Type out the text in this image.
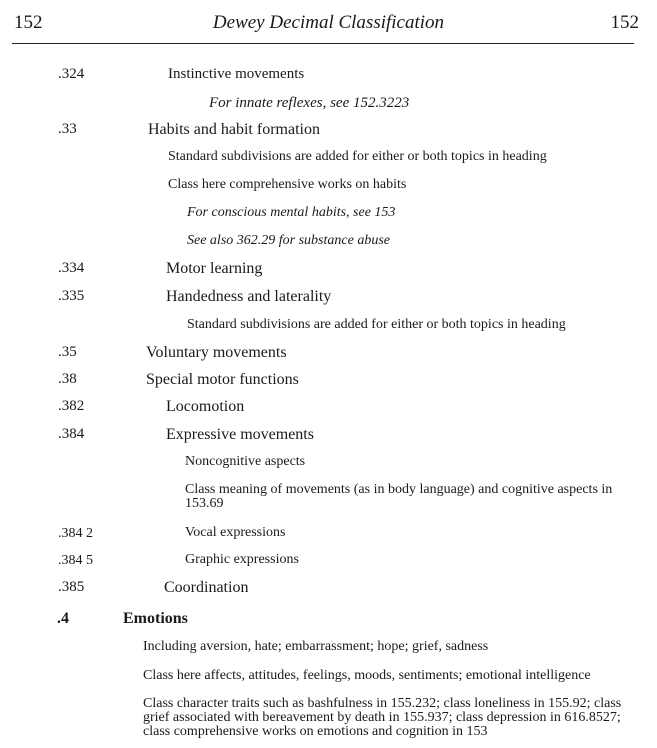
152	Dewey Decimal Classification	152
.324	Instinctive movements
For innate reflexes, see 152.3223
.33	Habits and habit formation
Standard subdivisions are added for either or both topics in heading
Class here comprehensive works on habits
For conscious mental habits, see 153
See also 362.29 for substance abuse
.334	Motor learning
.335	Handedness and laterality
Standard subdivisions are added for either or both topics in heading
.35	Voluntary movements
.38	Special motor functions
.382	Locomotion
.384	Expressive movements
Noncognitive aspects
Class meaning of movements (as in body language) and cognitive aspects in 153.69
.384 2	Vocal expressions
.384 5	Graphic expressions
.385	Coordination
.4	Emotions
Including aversion, hate; embarrassment; hope; grief, sadness
Class here affects, attitudes, feelings, moods, sentiments; emotional intelligence
Class character traits such as bashfulness in 155.232; class loneliness in 155.92; class grief associated with bereavement by death in 155.937; class depression in 616.8527; class comprehensive works on emotions and cognition in 153
